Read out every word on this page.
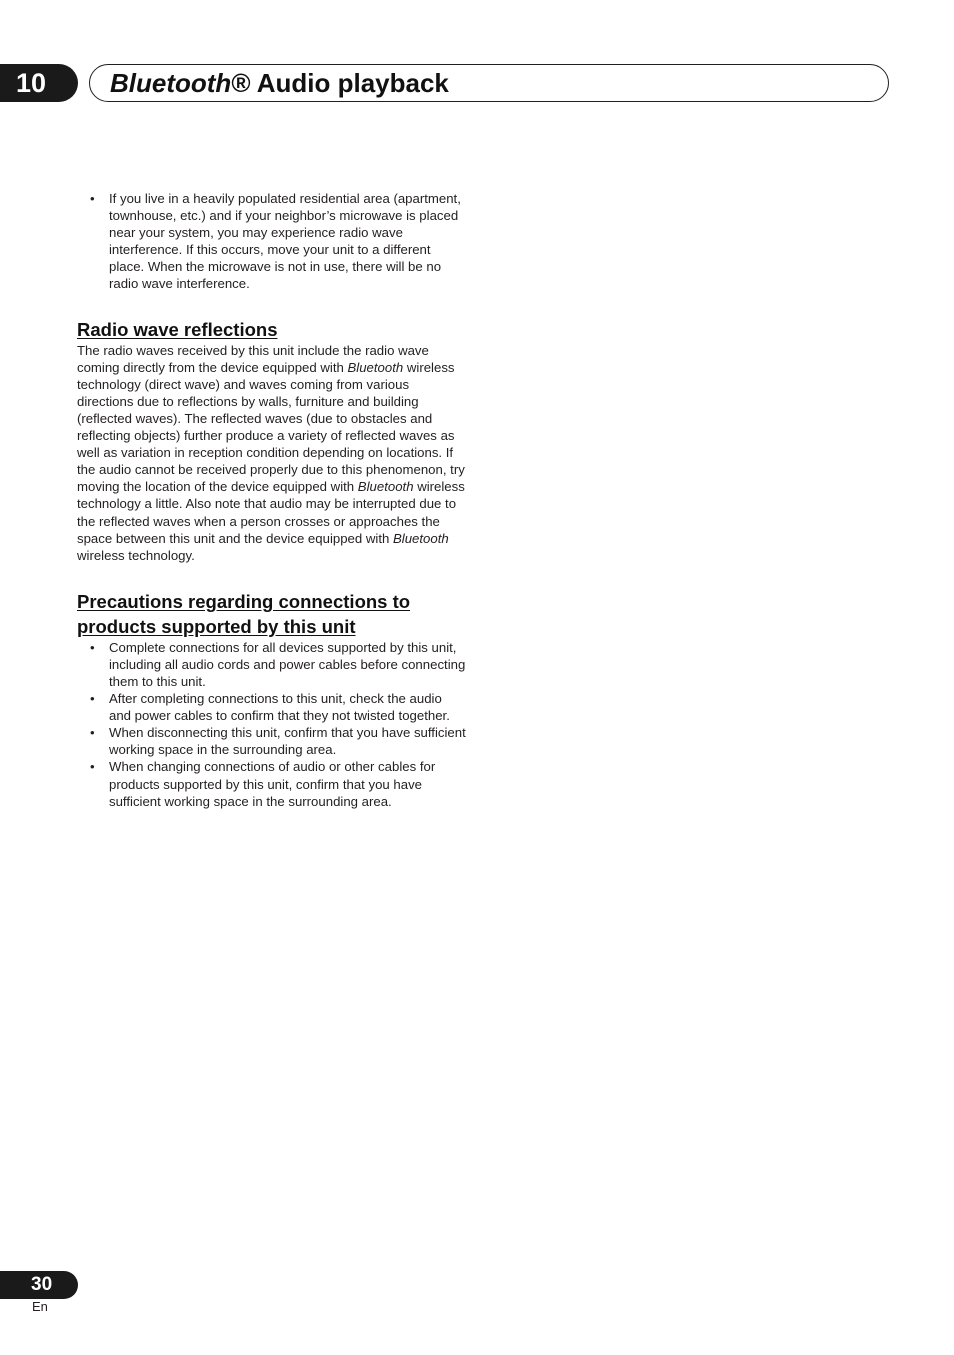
10	Bluetooth® Audio playback
• If you live in a heavily populated residential area (apartment, townhouse, etc.) and if your neighbor’s microwave is placed near your system, you may experience radio wave interference. If this occurs, move your unit to a different place. When the microwave is not in use, there will be no radio wave interference.
Radio wave reflections

The radio waves received by this unit include the radio wave coming directly from the device equipped with Bluetooth wireless technology (direct wave) and waves coming from various directions due to reflections by walls, furniture and building (reflected waves). The reflected waves (due to obstacles and reflecting objects) further produce a variety of reflected waves as well as variation in reception condition depending on locations. If the audio cannot be received properly due to this phenomenon, try moving the location of the device equipped with Bluetooth wireless technology a little. Also note that audio may be interrupted due to the reflected waves when a person crosses or approaches the space between this unit and the device equipped with Bluetooth wireless technology.

Precautions regarding connections to
products supported by this unit
• Complete connections for all devices supported by this unit, including all audio cords and power cables before connecting them to this unit.
• After completing connections to this unit, check the audio and power cables to confirm that they not twisted together.
• When disconnecting this unit, confirm that you have sufficient working space in the surrounding area.
• When changing connections of audio or other cables for products supported by this unit, confirm that you have sufficient working space in the surrounding area.
30
En
